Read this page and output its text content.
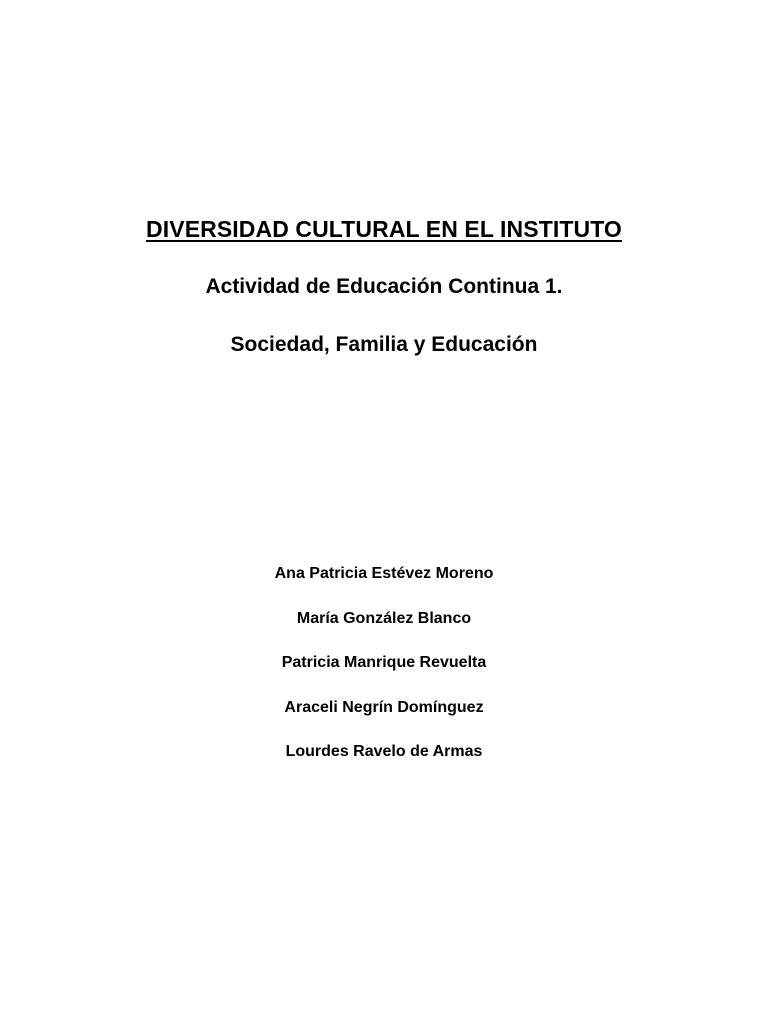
DIVERSIDAD CULTURAL EN EL INSTITUTO
Actividad de Educación Continua 1.
Sociedad, Familia y Educación
Ana Patricia Estévez Moreno
María González Blanco
Patricia Manrique Revuelta
Araceli Negrín Domínguez
Lourdes Ravelo de Armas
